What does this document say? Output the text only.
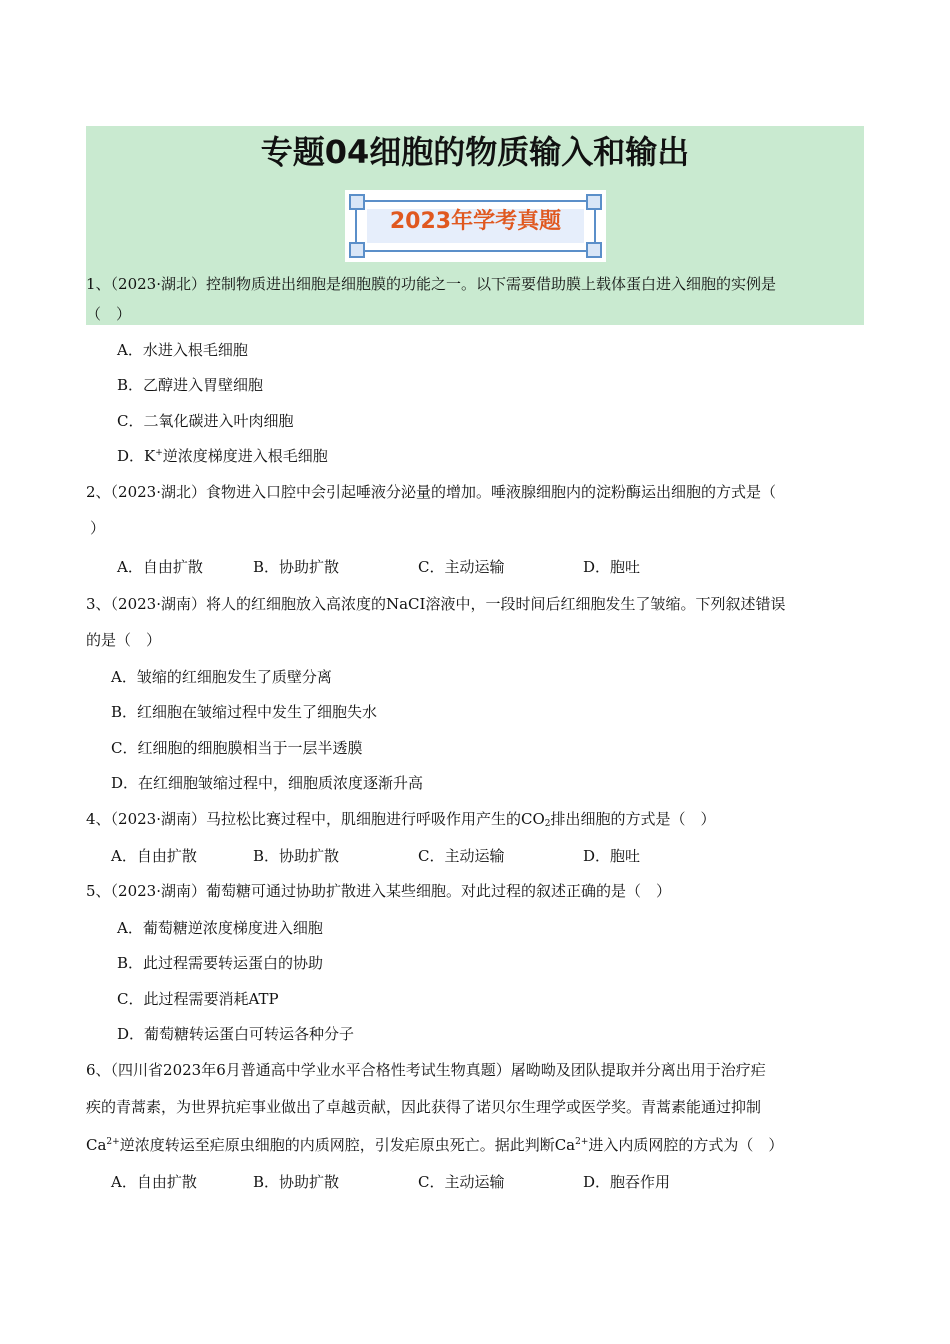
专题04细胞的物质输入和输出
2023年学考真题
1、（2023·湖北）控制物质进出细胞是细胞膜的功能之一。以下需要借助膜上载体蛋白进入细胞的实例是
（　）
A．水进入根毛细胞
B．乙醇进入胃壁细胞
C．二氧化碳进入叶肉细胞
D．K+逆浓度梯度进入根毛细胞
2、（2023·湖北）食物进入口腔中会引起唾液分泌量的增加。唾液腺细胞内的淀粉酶运出细胞的方式是（
）
A．自由扩散	B．协助扩散	C．主动运输	D．胞吐
3、（2023·湖南）将人的红细胞放入高浓度的NaCI溶液中，一段时间后红细胞发生了皱缩。下列叙述错误
的是（　）
A．皱缩的红细胞发生了质壁分离
B．红细胞在皱缩过程中发生了细胞失水
C．红细胞的细胞膜相当于一层半透膜
D．在红细胞皱缩过程中，细胞质浓度逐渐升高
4、（2023·湖南）马拉松比赛过程中，肌细胞进行呼吸作用产生的$CO_2$排出细胞的方式是（　）
A．自由扩散	B．协助扩散	C．主动运输	D．胞吐
5、（2023·湖南）葡萄糖可通过协助扩散进入某些细胞。对此过程的叙述正确的是（　）
A．葡萄糖逆浓度梯度进入细胞
B．此过程需要转运蛋白的协助
C．此过程需要消耗ATP
D．葡萄糖转运蛋白可转运各种分子
6、（四川省2023年6月普通高中学业水平合格性考试生物真题）屠呦呦及团队提取并分离出用于治疗疟
疾的青蒿素，为世界抗疟事业做出了卓越贡献，因此获得了诺贝尔生理学或医学奖。青蒿素能通过抑制
$Ca^{2+}$逆浓度转运至疟原虫细胞的内质网腔，引发疟原虫死亡。据此判断$Ca^{2+}$进入内质网腔的方式为（　）
A．自由扩散	B．协助扩散	C．主动运输	D．胞吞作用
